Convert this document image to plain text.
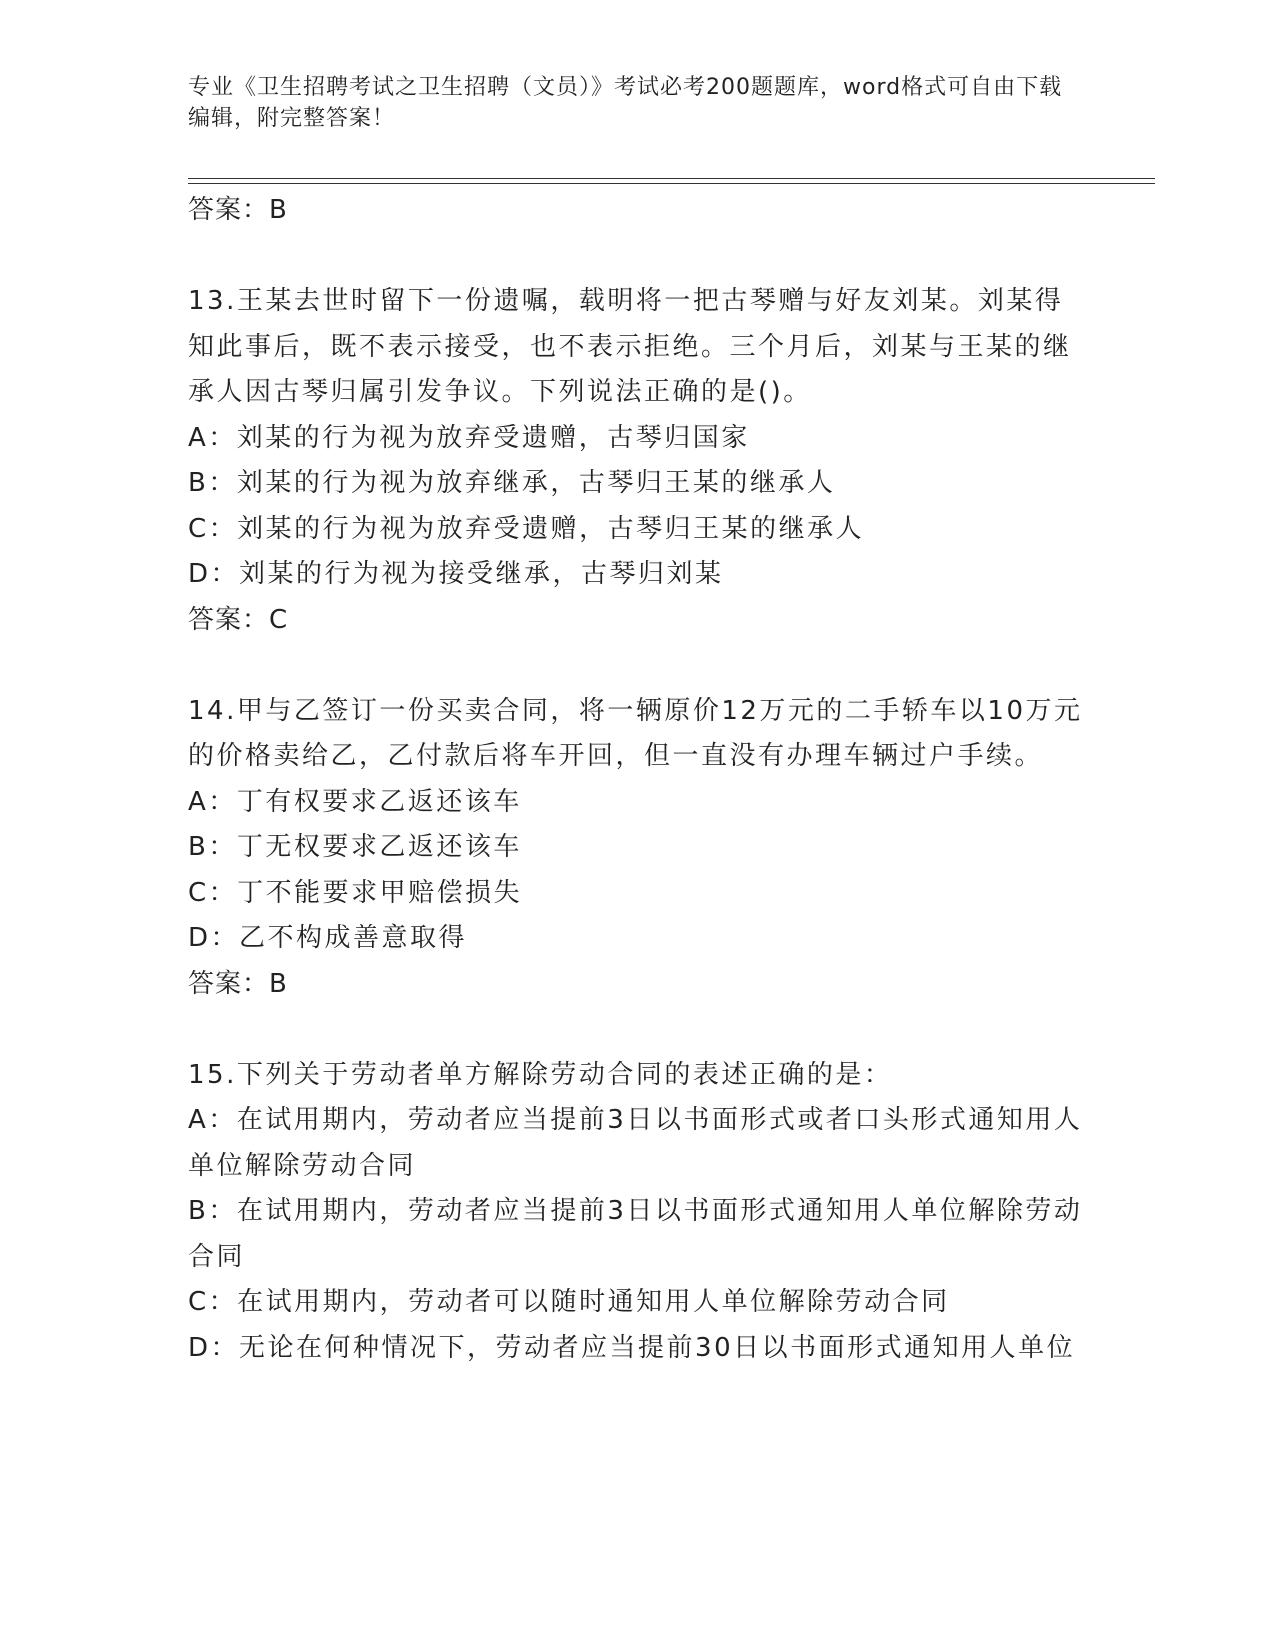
专业《卫生招聘考试之卫生招聘（文员）》考试必考200题题库，word格式可自由下载编辑，附完整答案！

答案：B

13.王某去世时留下一份遗嘱，载明将一把古琴赠与好友刘某。刘某得知此事后，既不表示接受，也不表示拒绝。三个月后，刘某与王某的继承人因古琴归属引发争议。下列说法正确的是()。

A：刘某的行为视为放弃受遗赠，古琴归国家

B：刘某的行为视为放弃继承，古琴归王某的继承人

C：刘某的行为视为放弃受遗赠，古琴归王某的继承人

D：刘某的行为视为接受继承，古琴归刘某

答案：C

14.甲与乙签订一份买卖合同，将一辆原价12万元的二手轿车以10万元的价格卖给乙，乙付款后将车开回，但一直没有办理车辆过户手续。

A：丁有权要求乙返还该车

B：丁无权要求乙返还该车

C：丁不能要求甲赔偿损失

D：乙不构成善意取得

答案：B

15.下列关于劳动者单方解除劳动合同的表述正确的是：

A：在试用期内，劳动者应当提前3日以书面形式或者口头形式通知用人单位解除劳动合同

B：在试用期内，劳动者应当提前3日以书面形式通知用人单位解除劳动合同

C：在试用期内，劳动者可以随时通知用人单位解除劳动合同

D：无论在何种情况下，劳动者应当提前30日以书面形式通知用人单位
